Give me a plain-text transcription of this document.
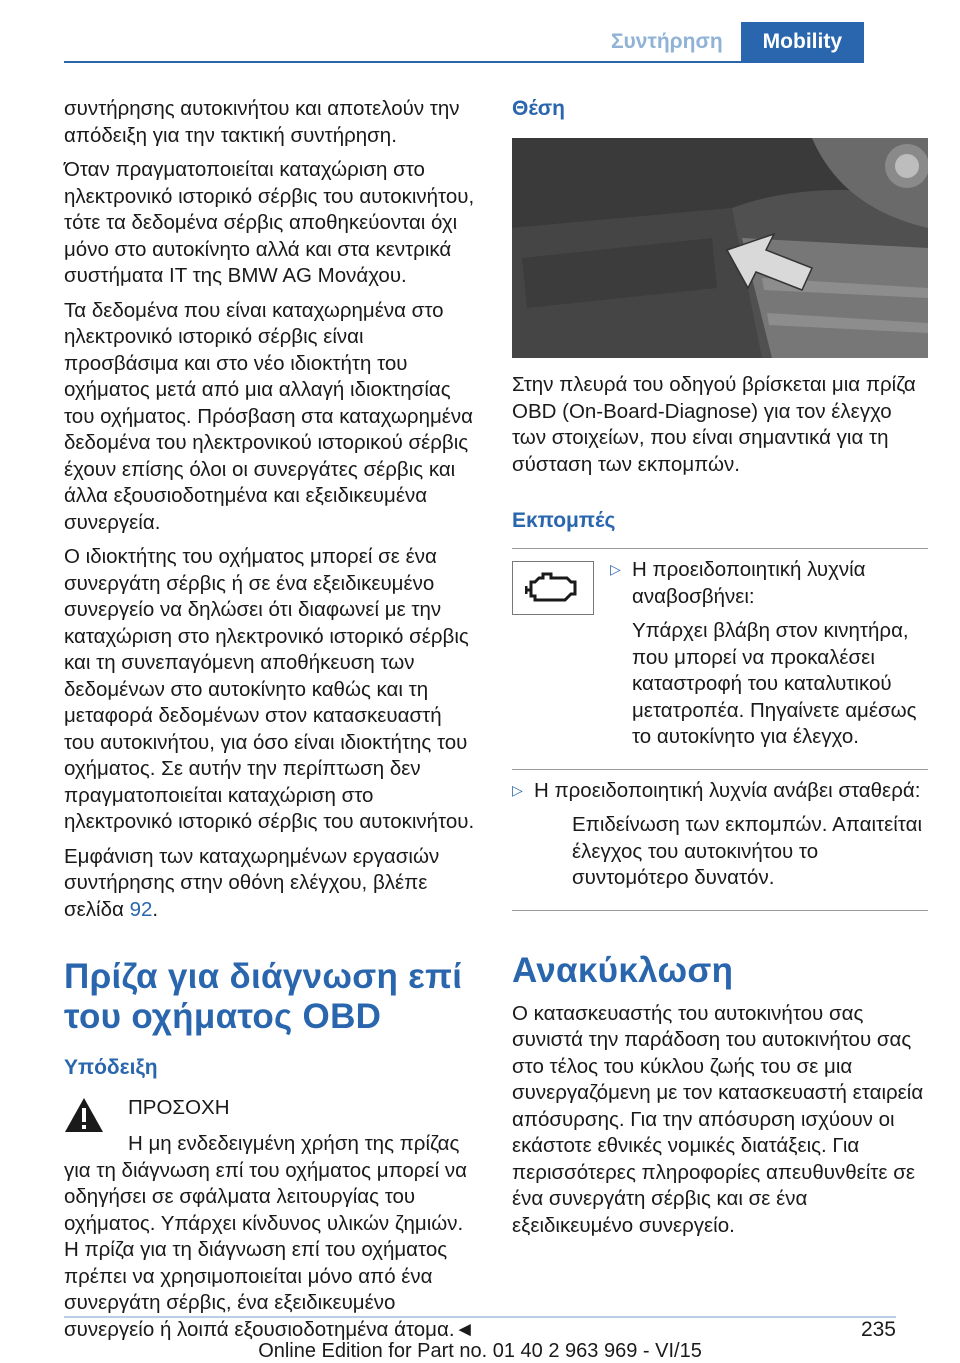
Συντήρηση	Mobility

συντήρησης αυτοκινήτου και αποτελούν την απόδειξη για την τακτική συντήρηση.

Όταν πραγματοποιείται καταχώριση στο ηλεκτρονικό ιστορικό σέρβις του αυτοκινήτου, τότε τα δεδομένα σέρβις αποθηκεύονται όχι μόνο στο αυτοκίνητο αλλά και στα κεντρικά συστήματα IT της BMW AG Μονάχου.

Τα δεδομένα που είναι καταχωρημένα στο ηλεκτρονικό ιστορικό σέρβις είναι προσβάσιμα και στο νέο ιδιοκτήτη του οχήματος μετά από μια αλλαγή ιδιοκτησίας του οχήματος. Πρόσβαση στα καταχωρημένα δεδομένα του ηλεκτρονικού ιστορικού σέρβις έχουν επίσης όλοι οι συνεργάτες σέρβις και άλλα εξουσιοδοτημένα και εξειδικευμένα συνεργεία.

Ο ιδιοκτήτης του οχήματος μπορεί σε ένα συνεργάτη σέρβις ή σε ένα εξειδικευμένο συνεργείο να δηλώσει ότι διαφωνεί με την καταχώριση στο ηλεκτρονικό ιστορικό σέρβις και τη συνεπαγόμενη αποθήκευση των δεδομένων στο αυτοκίνητο καθώς και τη μεταφορά δεδομένων στον κατασκευαστή του αυτοκινήτου, για όσο είναι ιδιοκτήτης του οχήματος. Σε αυτήν την περίπτωση δεν πραγματοποιείται καταχώριση στο ηλεκτρονικό ιστορικό σέρβις του αυτοκινήτου.

Εμφάνιση των καταχωρημένων εργασιών συντήρησης στην οθόνη ελέγχου, βλέπε σελίδα 92.

Πρίζα για διάγνωση επί του οχήματος OBD
Υπόδειξη

ΠΡΟΣΟΧΗ

Η μη ενδεδειγμένη χρήση της πρίζας για τη διάγνωση επί του οχήματος μπορεί να οδηγήσει σε σφάλματα λειτουργίας του οχήματος. Υπάρχει κίνδυνος υλικών ζημιών. Η πρίζα για τη διάγνωση επί του οχήματος πρέπει να χρησιμοποιείται μόνο από ένα συνεργάτη σέρβις, ένα εξειδικευμένο συνεργείο ή λοιπά εξουσιοδοτημένα άτομα.◄

Θέση

Στην πλευρά του οδηγού βρίσκεται μια πρίζα OBD (On-Board-Diagnose) για τον έλεγχο των στοιχείων, που είναι σημαντικά για τη σύσταση των εκπομπών.

Εκπομπές
▷ Η προειδοποιητική λυχνία αναβοσβήνει:

Υπάρχει βλάβη στον κινητήρα, που μπορεί να προκαλέσει καταστροφή του καταλυτικού μετατροπέα. Πηγαίνετε αμέσως το αυτοκίνητο για έλεγχο.

▷ Η προειδοποιητική λυχνία ανάβει σταθερά:

Επιδείνωση των εκπομπών. Απαιτείται έλεγχος του αυτοκινήτου το συντομότερο δυνατόν.

Ανακύκλωση

Ο κατασκευαστής του αυτοκινήτου σας συνιστά την παράδοση του αυτοκινήτου σας στο τέλος του κύκλου ζωής του σε μια συνεργαζόμενη με τον κατασκευαστή εταιρεία απόσυρσης. Για την απόσυρση ισχύουν οι εκάστοτε εθνικές νομικές διατάξεις. Για περισσότερες πληροφορίες απευθυνθείτε σε ένα συνεργάτη σέρβις και σε ένα εξειδικευμένο συνεργείο.

235
Online Edition for Part no. 01 40 2 963 969 - VI/15
